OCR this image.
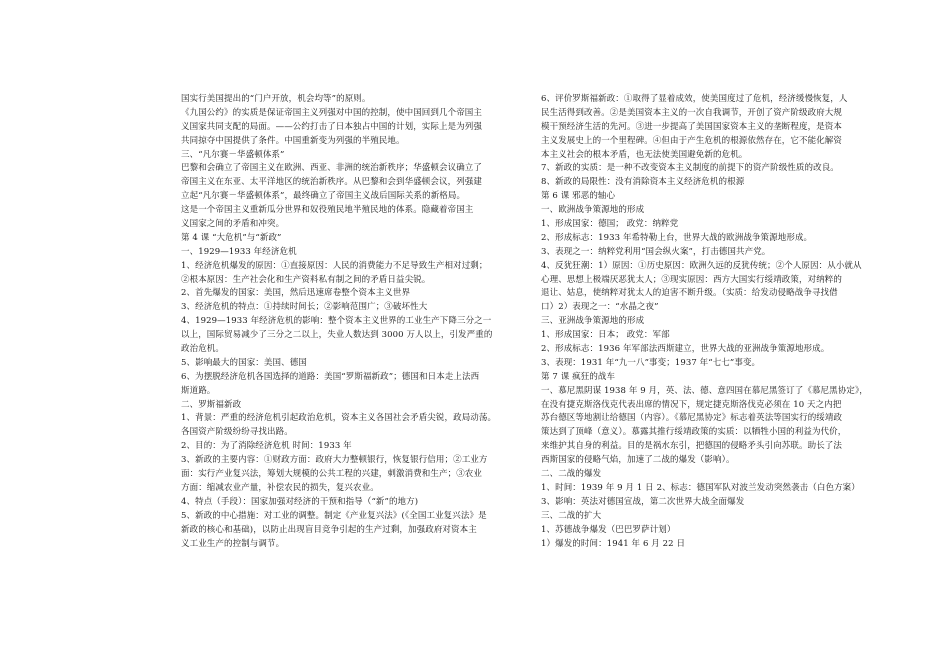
国实行美国提出的“门户开放，机会均等”的原则。
《九国公约》的实质是保证帝国主义列强对中国的控制，使中国回到几个帝国主
义国家共同支配的局面。——公约打击了日本独占中国的计划，实际上是为列强
共同掠夺中国提供了条件。中国重新变为列强的半殖民地。
三、“凡尔赛－华盛顿体系”
巴黎和会确立了帝国主义在欧洲、西亚、非洲的统治新秩序；华盛顿会议确立了
帝国主义在东亚、太平洋地区的统治新秩序。从巴黎和会到华盛顿会议，列强建
立起“凡尔赛－华盛顿体系”，最终确立了帝国主义战后国际关系的新格局。
这是一个帝国主义重新瓜分世界和奴役殖民地半殖民地的体系。隐藏着帝国主
义国家之间的矛盾和冲突。
第 4 课 “大危机”与“新政”
一、1929—1933 年经济危机
1、经济危机爆发的原因：①直接原因：人民的消费能力不足导致生产相对过剩；
②根本原因：生产社会化和生产资料私有制之间的矛盾日益尖锐。
2、首先爆发的国家：美国，然后迅速席卷整个资本主义世界
3、经济危机的特点：①持续时间长；②影响范围广；③破坏性大
4、1929—1933 年经济危机的影响：整个资本主义世界的工业生产下降三分之一
以上，国际贸易减少了三分之二以上，失业人数达到 3000 万人以上，引发严重的
政治危机。
5、影响最大的国家：美国、德国
6、为摆脱经济危机各国选择的道路：美国“罗斯福新政”；德国和日本走上法西
斯道路。
二、罗斯福新政
1、背景：严重的经济危机引起政治危机，资本主义各国社会矛盾尖锐，政局动荡。
各国资产阶级纷纷寻找出路。
2、目的：为了消除经济危机 时间：1933 年
3、新政的主要内容：①财政方面：政府大力整顿银行，恢复银行信用；②工业方
面：实行产业复兴法，筹划大规模的公共工程的兴建，刺激消费和生产；③农业
方面：缩减农业产量，补偿农民的损失，复兴农业。
4、特点（手段）：国家加强对经济的干预和指导（“新”的地方)
5、新政的中心措施：对工业的调整。制定《产业复兴法》(《全国工业复兴法》是
新政的核心和基础)，以防止出现盲目竞争引起的生产过剩，加强政府对资本主
义工业生产的控制与调节。
6、评价罗斯福新政：①取得了显着成效，使美国度过了危机，经济缓慢恢复，人
民生活得到改善。②是美国资本主义的一次自我调节，开创了资产阶级政府大规
模干预经济生活的先河。③进一步提高了美国国家资本主义的垄断程度，是资本
主义发展史上的一个里程碑。④但由于产生危机的根源依然存在，它不能化解资
本主义社会的根本矛盾，也无法使美国避免新的危机。
7、新政的实质：是一种不改变资本主义制度的前提下的资产阶级性质的改良。
8、新政的局限性：没有消除资本主义经济危机的根源
第 6 课 邪恶的轴心
一、欧洲战争策源地的形成
1、形成国家：德国； 政党：纳粹党
2、形成标志：1933 年希特勒上台，世界大战的欧洲战争策源地形成。
3、表现之一：纳粹党利用“国会纵火案”，打击德国共产党。
4、反犹狂潮：1）原因：①历史原因：欧洲久远的反犹传统；②个人原因：从小就从
心理、思想上极端厌恶犹太人；③现实原因：西方大国实行绥靖政策，对纳粹的
退让、姑息，使纳粹对犹太人的迫害不断升级。（实质：给发动侵略战争寻找借
口）2）表现之一：“水晶之夜”
三、亚洲战争策源地的形成
1、形成国家：日本； 政党：军部
2、形成标志：1936 年军部法西斯建立，世界大战的亚洲战争策源地形成。
3、表现：1931 年“九一八”事变；1937 年“七七”事变。
第 7 课 疯狂的战车
一、慕尼黑阴谋 1938 年 9 月，英、法、德、意四国在慕尼黑签订了《慕尼黑协定》，
在没有捷克斯洛伐克代表出席的情况下，规定捷克斯洛伐克必须在 10 天之内把
苏台德区等地割让给德国（内容）。《慕尼黑协定》标志着英法等国实行的绥靖政
策达到了顶峰（意义）。慕露其推行绥靖政策的实质：以牺牲小国的利益为代价，
来维护其自身的利益。目的是祸水东引，把德国的侵略矛头引向苏联。助长了法
西斯国家的侵略气焰，加速了二战的爆发（影响）。
二、二战的爆发
1、时间：1939 年 9 月 1 日 2、标志：德国军队对波兰发动突然袭击（白色方案）
3、影响：英法对德国宣战，第二次世界大战全面爆发
三、二战的扩大
1、苏德战争爆发（巴巴罗萨计划）
1）爆发的时间：1941 年 6 月 22 日
